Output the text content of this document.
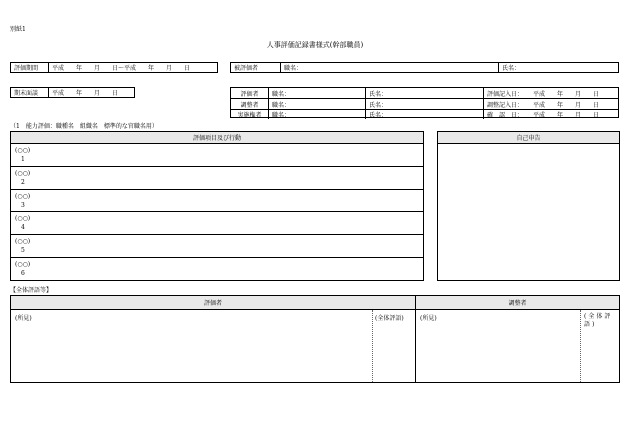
別紙1
人事評価記録書様式(幹部職員)
評価期間	平成　　年　　月　　日〜平成　　年　　月　　日	被評価者	職名：	氏名：
期末面談	平成　　年　　月　　日	評価者	職名：	氏名：	評価記入日：	平成　　年　　月　　日
調整者	職名：	氏名：	調整記入日：	平成　　年　　月　　日
実施権者	職名：	氏名：	確　認　日：	平成　　年　　月　　日
（1　能力評価：職種名　組織名　標準的な官職名用）
評価項目及び行動
(○○)
1
(○○)
2
(○○)
3
(○○)
4
(○○)
5
(○○)
6
自己申告
【全体評語等】
評価者
(所見)	(全体評語)
調整者
(所見)	(全体評語)
